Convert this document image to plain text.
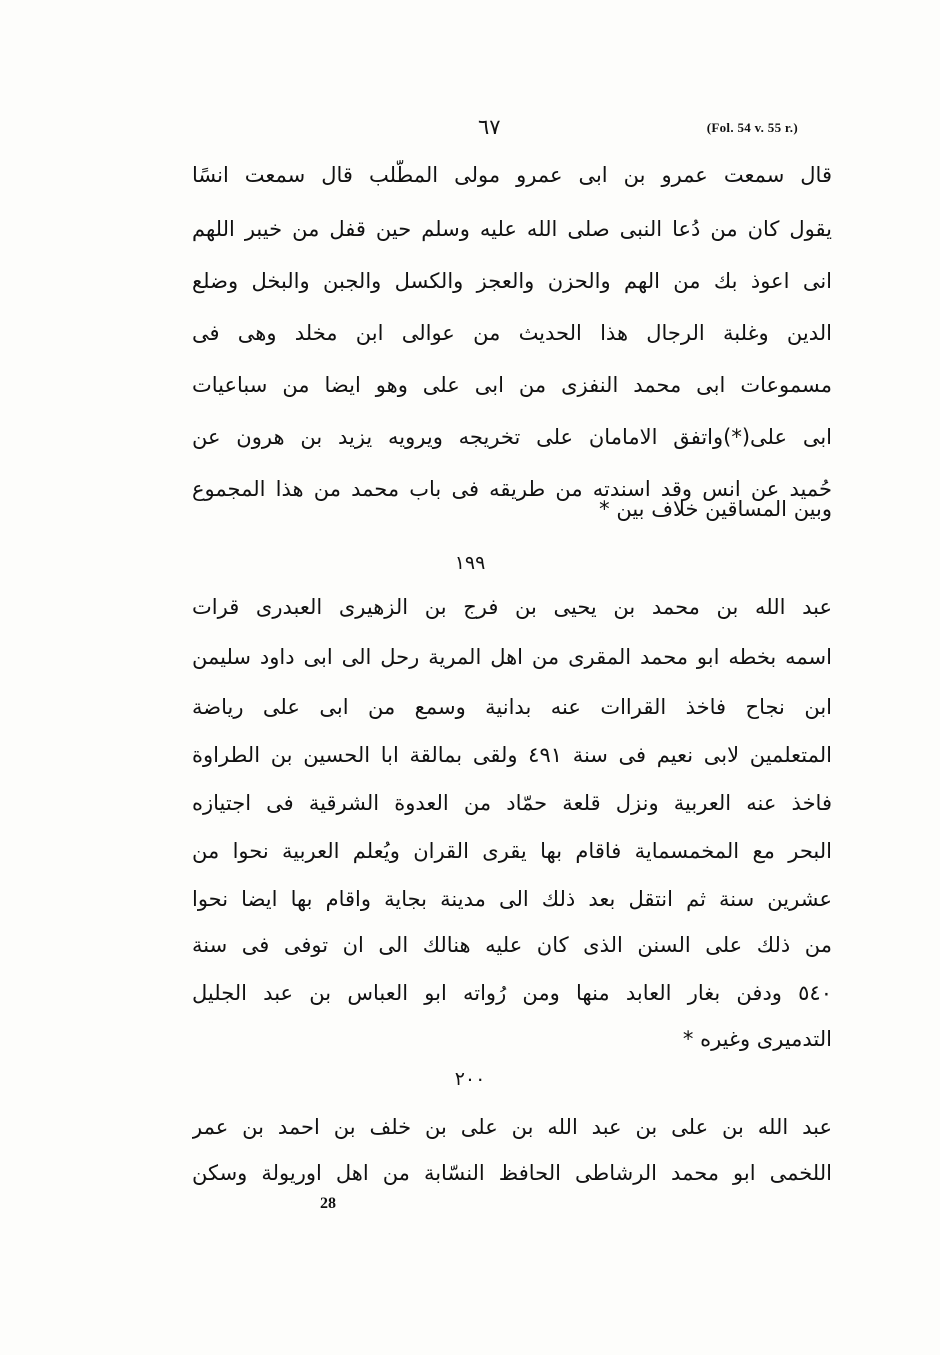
٦٧	(Fol. 54 v. 55 r.)
قال سمعت عمرو بن ابى عمرو مولى المطّلب قال سمعت انسًا
يقول كان من دُعا النبى صلى الله عليه وسلم حين قفل من خيبر اللهم
انى اعوذ بك من الهم والحزن والعجز والكسل والجبن والبخل وضلع
الدين وغلبة الرجال هذا الحديث من عوالى ابن مخلد وهى فى
مسموعات ابى محمد النفزى من ابى على وهو ايضا من سباعيات
ابى على(*)واتفق الامامان على تخريجه ويرويه يزيد بن هرون عن
حُميد عن انس وقد اسندته من طريقه فى باب محمد من هذا المجموع
وبين المساقين خلاف بين *
١٩٩
عبد الله بن محمد بن يحيى بن فرج بن الزهيرى العبدرى قرات
اسمه بخطه ابو محمد المقرى من اهل المرية رحل الى ابى داود سليمن
ابن نجاح فاخذ القراات عنه بدانية وسمع من ابى على رياضة
المتعلمين لابى نعيم فى سنة ٤٩١ ولقى بمالقة ابا الحسين بن الطراوة
فاخذ عنه العربية ونزل قلعة حمّاد من العدوة الشرقية فى اجتيازه
البحر مع المخمسماية فاقام بها يقرى القران ويُعلم العربية نحوا من
عشرين سنة ثم انتقل بعد ذلك الى مدينة بجاية واقام بها ايضا نحوا
من ذلك على السنن الذى كان عليه هنالك الى ان توفى فى سنة
٥٤٠ ودفن بغار العابد منها ومن رُواته ابو العباس بن عبد الجليل
التدميرى وغيره *
٢٠٠
عبد الله بن على بن عبد الله بن على بن خلف بن احمد بن عمر
اللخمى ابو محمد الرشاطى الحافظ النسّابة من اهل اوريولة وسكن
28
